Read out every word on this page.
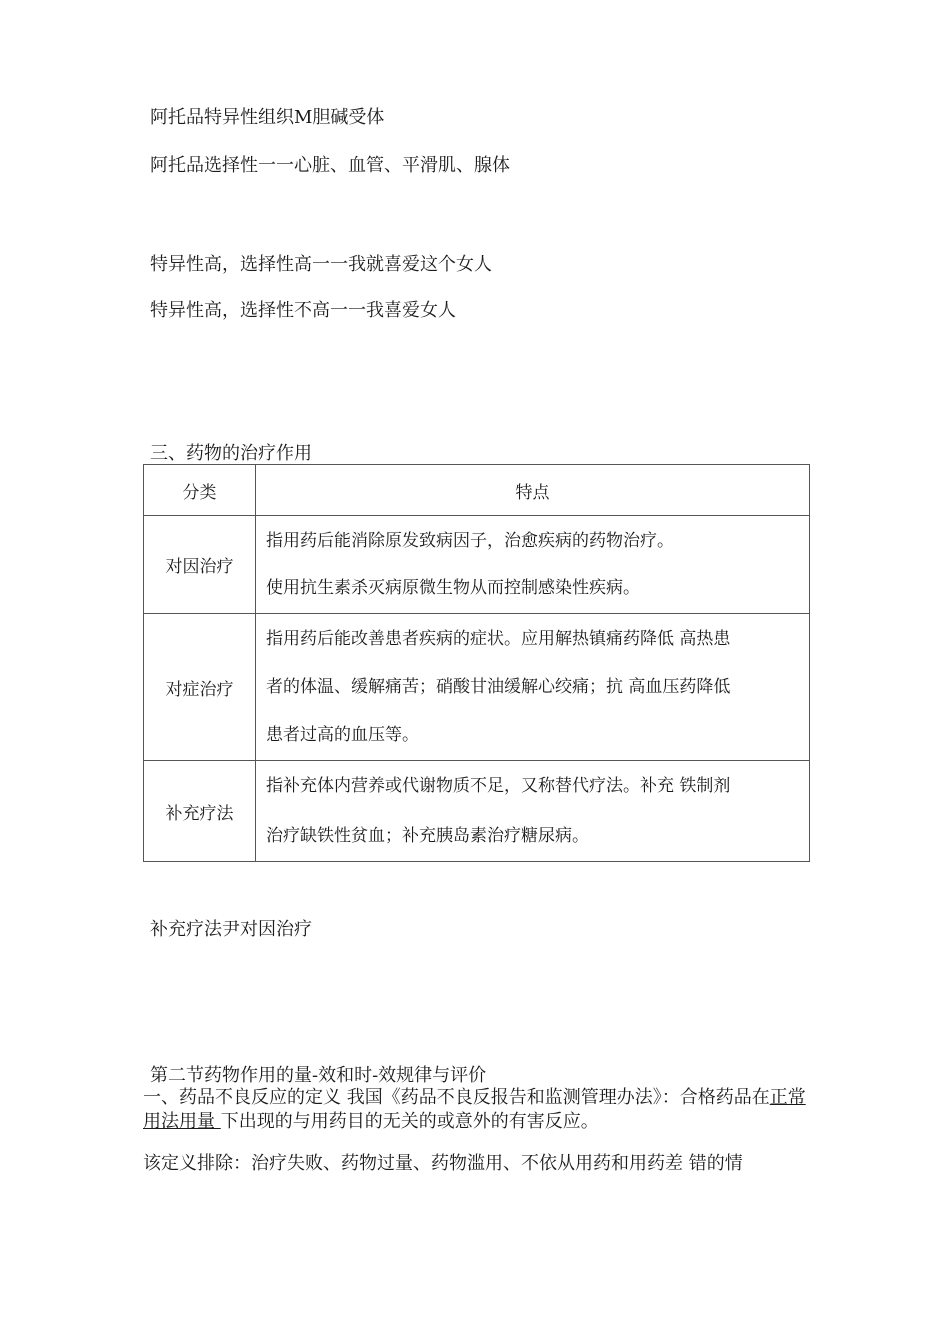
阿托品特异性组织M胆碱受体
阿托品选择性一一心脏、血管、平滑肌、腺体
特异性高，选择性高一一我就喜爱这个女人
特异性高，选择性不高一一我喜爱女人
三、药物的治疗作用
分类	特点
对因治疗	指用药后能消除原发致病因子，治愈疾病的药物治疗。
使用抗生素杀灭病原微生物从而控制感染性疾病。

对症治疗	指用药后能改善患者疾病的症状。应用解热镇痛药降低 高热患
者的体温、缓解痛苦；硝酸甘油缓解心绞痛；抗 高血压药降低
患者过高的血压等。

补充疗法	指补充体内营养或代谢物质不足，又称替代疗法。补充 铁制剂
治疗缺铁性贫血；补充胰岛素治疗糖尿病。
补充疗法尹对因治疗
第二节药物作用的量-效和时-效规律与评价
一、药品不良反应的定义 我国《药品不良反报告和监测管理办法》：合格药品在正常用法用量 下出现的与用药目的无关的或意外的有害反应。
该定义排除：治疗失败、药物过量、药物滥用、不依从用药和用药差 错的情
